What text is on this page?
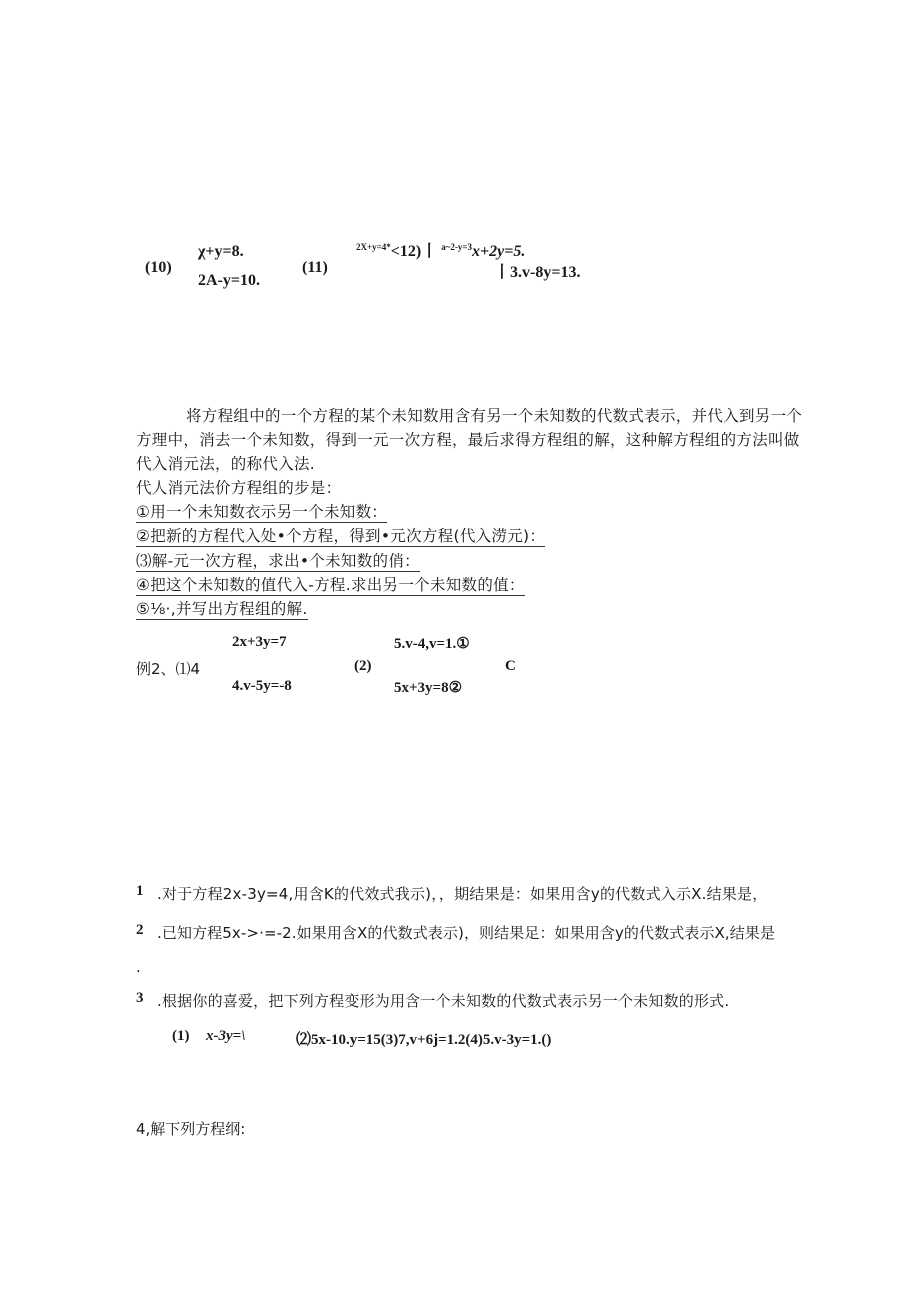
(10)
χ+y=8.
2A-y=10.
(11)
$^{2X+y=4*}$<12)丨 $^{a\sim 2-y=3}$x+2y=5.
丨3.v-8y=13.
将方程组中的一个方程的某个未知数用含有另一个未知数的代数式表示，并代入到另一个
方理中，消去一个未知数，得到一元一次方程，最后求得方程组的解，这种解方程组的方法叫做
代入消元法，的称代入法.
代人消元法价方程组的步是：
①用一个未知数衣示另一个未知数：
②把新的方程代入处•个方程，得到•元次方程(代入涝元)：
⑶解-元一次方程，求出•个未知数的俏：
④把这个未知数的值代入-方程.求出另一个未知数的值：
⑤⅛·,并写出方程组的解.
2x+3y=7
例2、⑴4
4.v-5y=-8
(2)
5.v-4,v=1.①
5x+3y=8②
C
1 .对于方程2x-3y=4,用含K的代效式我示)，，期结果是：如果用含y的代数式入示X.结果是，
2 .已知方程5x->·=-2.如果用含X的代数式表示)，则结果足：如果用含y的代数式表示X,结果是
.
3 .根据你的喜爱，把下列方程变形为用含一个未知数的代数式表示另一个未知数的形式.
(1) x-3y=\	⑵5x-10.y=15(3)7,v+6j=1.2(4)5.v-3y=1.()
4,解下列方程纲:
